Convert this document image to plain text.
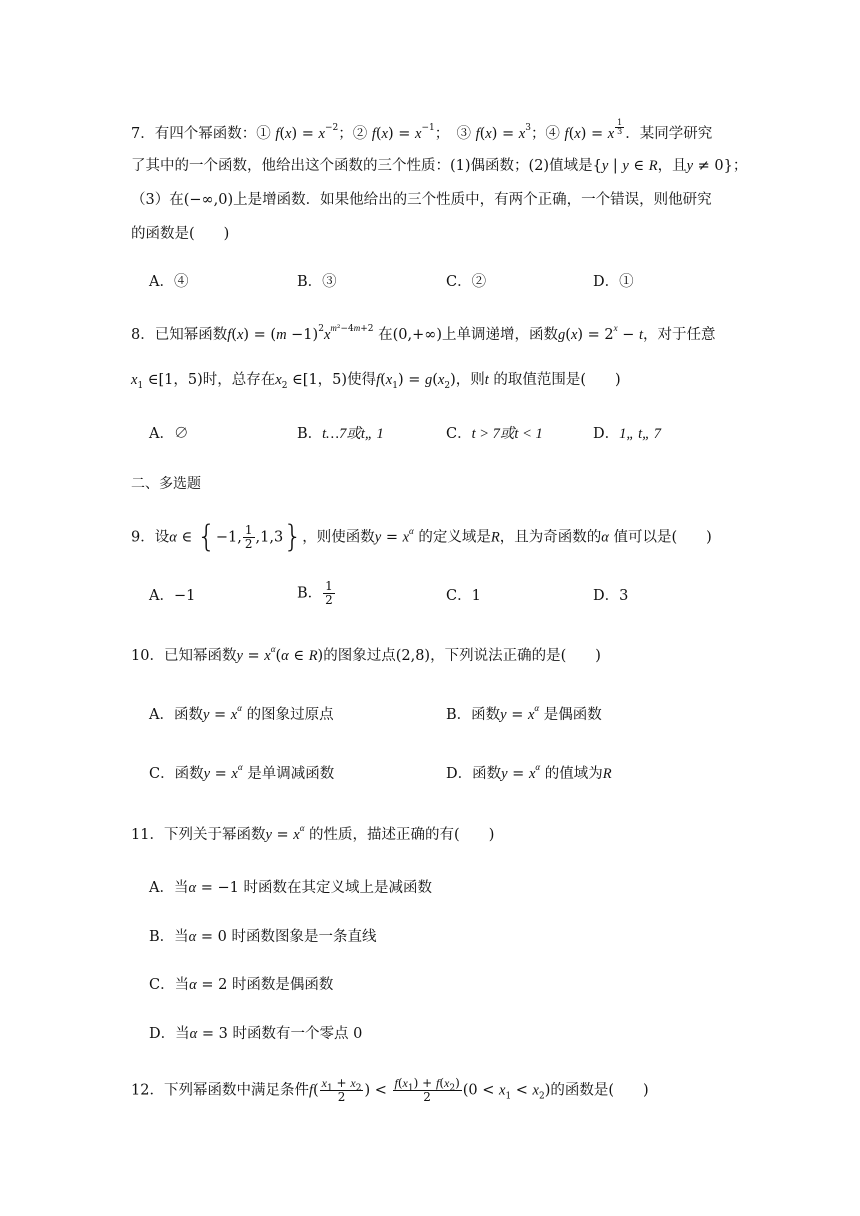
7．有四个幂函数：① $f(x) = x^{-2}$；② $f(x) = x^{-1}$；　③ $f(x) = x^3$；④ f(x) = x $^{\frac{1}{3}}$ ．某同学研究
了其中的一个函数，他给出这个函数的三个性质：(1)偶函数；(2)值域是{y | y ∈ R，且y ≠ 0}；
（3）在(−∞,0)上是增函数．如果他给出的三个性质中，有两个正确，一个错误，则他研究
的函数是(　　)
A．④	B．③	C．②	D．①
8．已知幂函数$f(x) = (m -1)^2x^{m^2-4m+2}$ 在(0,+∞)上单调递增，函数$g(x) = 2^x - t$，对于任意
$x_1$ ∈[1，5)时，总存在$x_2$ ∈[1，5)使得$f(x_1) = g(x_2)$，则t 的取值范围是(　　)
A．∅	B．t…7或t„ 1	C．t > 7或t < 1	D．1„ t„ 7
二、多选题
9．设α ∈ {−1, $\frac{1}{2} ,1,3$}，则使函数$y = x^\alpha$ 的定义域是R，且为奇函数的α 值可以是(　　)
A．−1	B． $\frac{1}{2}$	C．1	D．3
10．已知幂函数$y = x^\alpha(\alpha$ ∈ R)的图象过点(2,8)，下列说法正确的是(　　)
A．函数$y = x^\alpha$ 的图象过原点	B．函数$y = x^\alpha$ 是偶函数
C．函数$y = x^\alpha$ 是单调减函数	D．函数$y = x^\alpha$ 的值域为R
11．下列关于幂函数$y = x^\alpha$ 的性质，描述正确的有(　　)
A．当α = −1 时函数在其定义域上是减函数
B．当α = 0 时函数图象是一条直线
C．当α = 2 时函数是偶函数
D．当α = 3 时函数有一个零点 0
12．下列幂函数中满足条件$f( \frac{x_1 + x_2}{2}$ ) < $\frac{f(x_1) + f(x_2)}{2} (0 < x_1 < x_2)$的函数是(　　)
